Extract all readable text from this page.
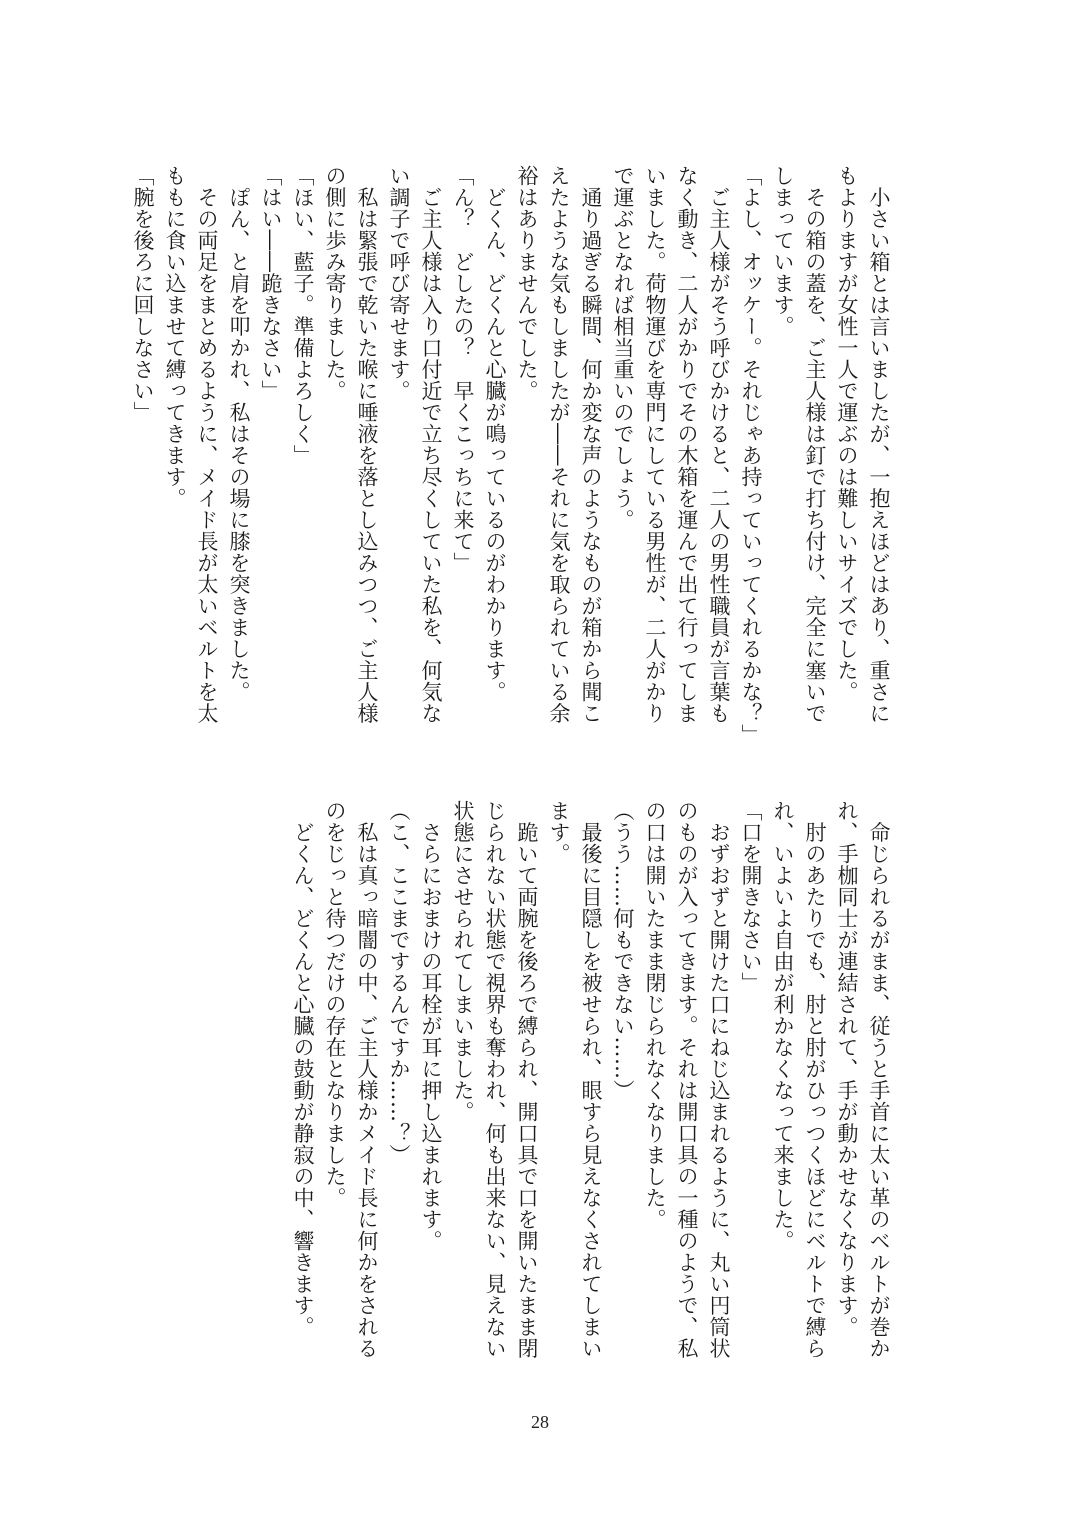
　小さい箱とは言いましたが、一抱えほどはあり、重さに
もよりますが女性一人で運ぶのは難しいサイズでした。
　その箱の蓋を、ご主人様は釘で打ち付け、完全に塞いで
しまっています。
「よし、オッケー。それじゃあ持っていってくれるかな？」
　ご主人様がそう呼びかけると、二人の男性職員が言葉も
なく動き、二人がかりでその木箱を運んで出て行ってしま
いました。荷物運びを専門にしている男性が、二人がかり
で運ぶとなれば相当重いのでしょう。
　通り過ぎる瞬間、何か変な声のようなものが箱から聞こ
えたような気もしましたが――それに気を取られている余
裕はありませんでした。
　どくん、どくんと心臓が鳴っているのがわかります。
「ん？　どしたの？　早くこっちに来て」
　ご主人様は入り口付近で立ち尽くしていた私を、何気な
い調子で呼び寄せます。
　私は緊張で乾いた喉に唾液を落とし込みつつ、ご主人様
の側に歩み寄りました。
「ほい、藍子。準備よろしく」
「はい――跪きなさい」
　ぽん、と肩を叩かれ、私はその場に膝を突きました。
　その両足をまとめるように、メイド長が太いベルトを太
ももに食い込ませて縛ってきます。
「腕を後ろに回しなさい」
　命じられるがまま、従うと手首に太い革のベルトが巻か
れ、手枷同士が連結されて、手が動かせなくなります。
　肘のあたりでも、肘と肘がひっつくほどにベルトで縛ら
れ、いよいよ自由が利かなくなって来ました。
「口を開きなさい」
　おずおずと開けた口にねじ込まれるように、丸い円筒状
のものが入ってきます。それは開口具の一種のようで、私
の口は開いたまま閉じられなくなりました。
（うう……何もできない……）
　最後に目隠しを被せられ、眼すら見えなくされてしまい
ます。
　跪いて両腕を後ろで縛られ、開口具で口を開いたまま閉
じられない状態で視界も奪われ、何も出来ない、見えない
状態にさせられてしまいました。
　さらにおまけの耳栓が耳に押し込まれます。
（こ、ここまでするんですか……？）
　私は真っ暗闇の中、ご主人様かメイド長に何かをされる
のをじっと待つだけの存在となりました。
　どくん、どくんと心臓の鼓動が静寂の中、響きます。
28
